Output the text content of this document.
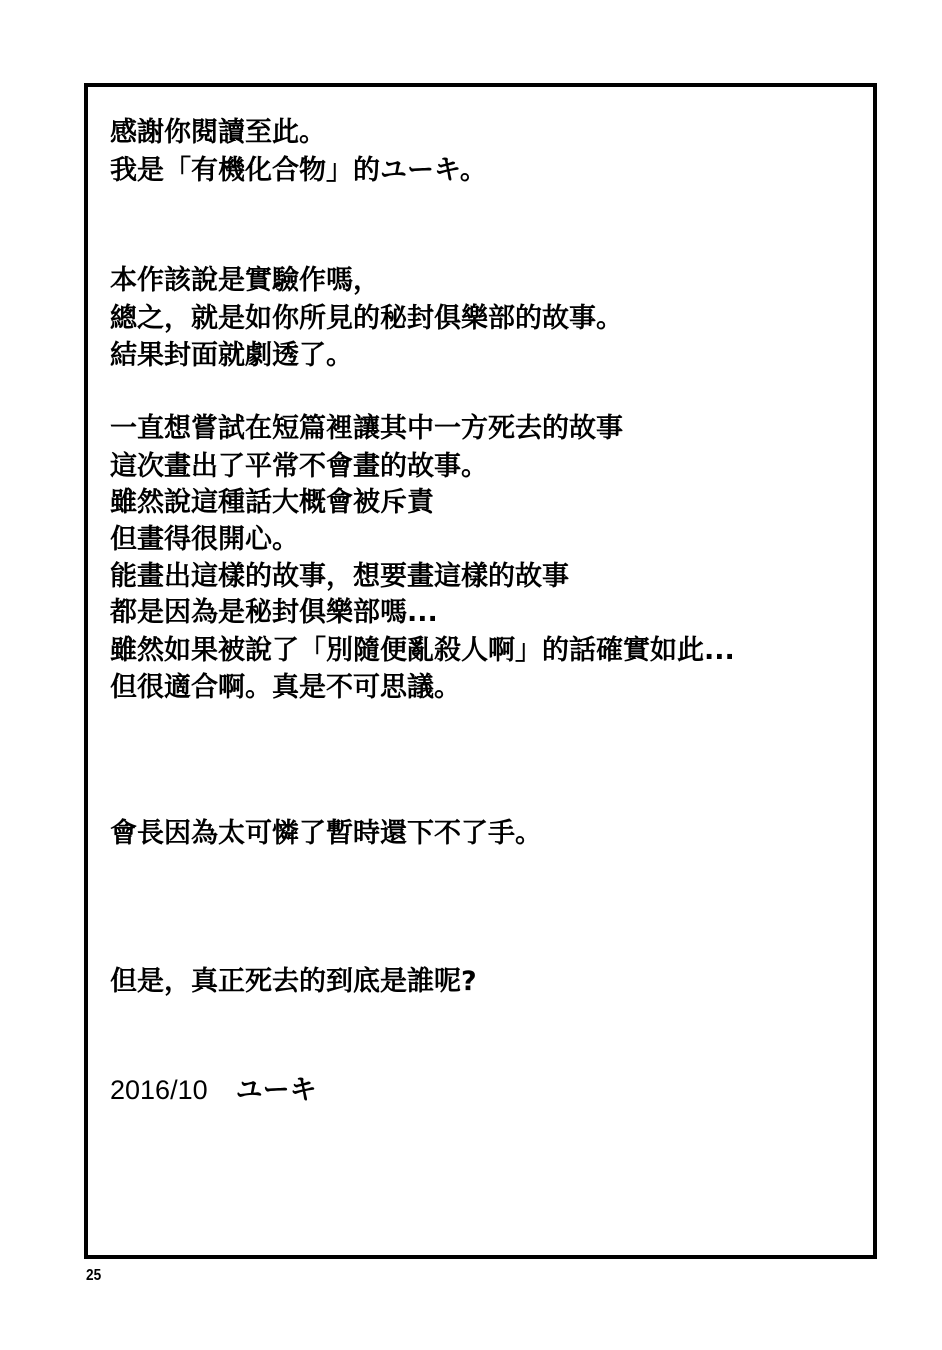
感謝你閱讀至此。
我是「有機化合物」的ユーキ。
本作該說是實驗作嗎，
總之，就是如你所見的秘封俱樂部的故事。
結果封面就劇透了。
一直想嘗試在短篇裡讓其中一方死去的故事
這次畫出了平常不會畫的故事。
雖然說這種話大概會被斥責
但畫得很開心。
能畫出這樣的故事，想要畫這樣的故事
都是因為是秘封俱樂部嗎...
雖然如果被說了「別隨便亂殺人啊」的話確實如此...
但很適合啊。真是不可思議。
會長因為太可憐了暫時還下不了手。
但是，真正死去的到底是誰呢?
2016/10 ユーキ
25
